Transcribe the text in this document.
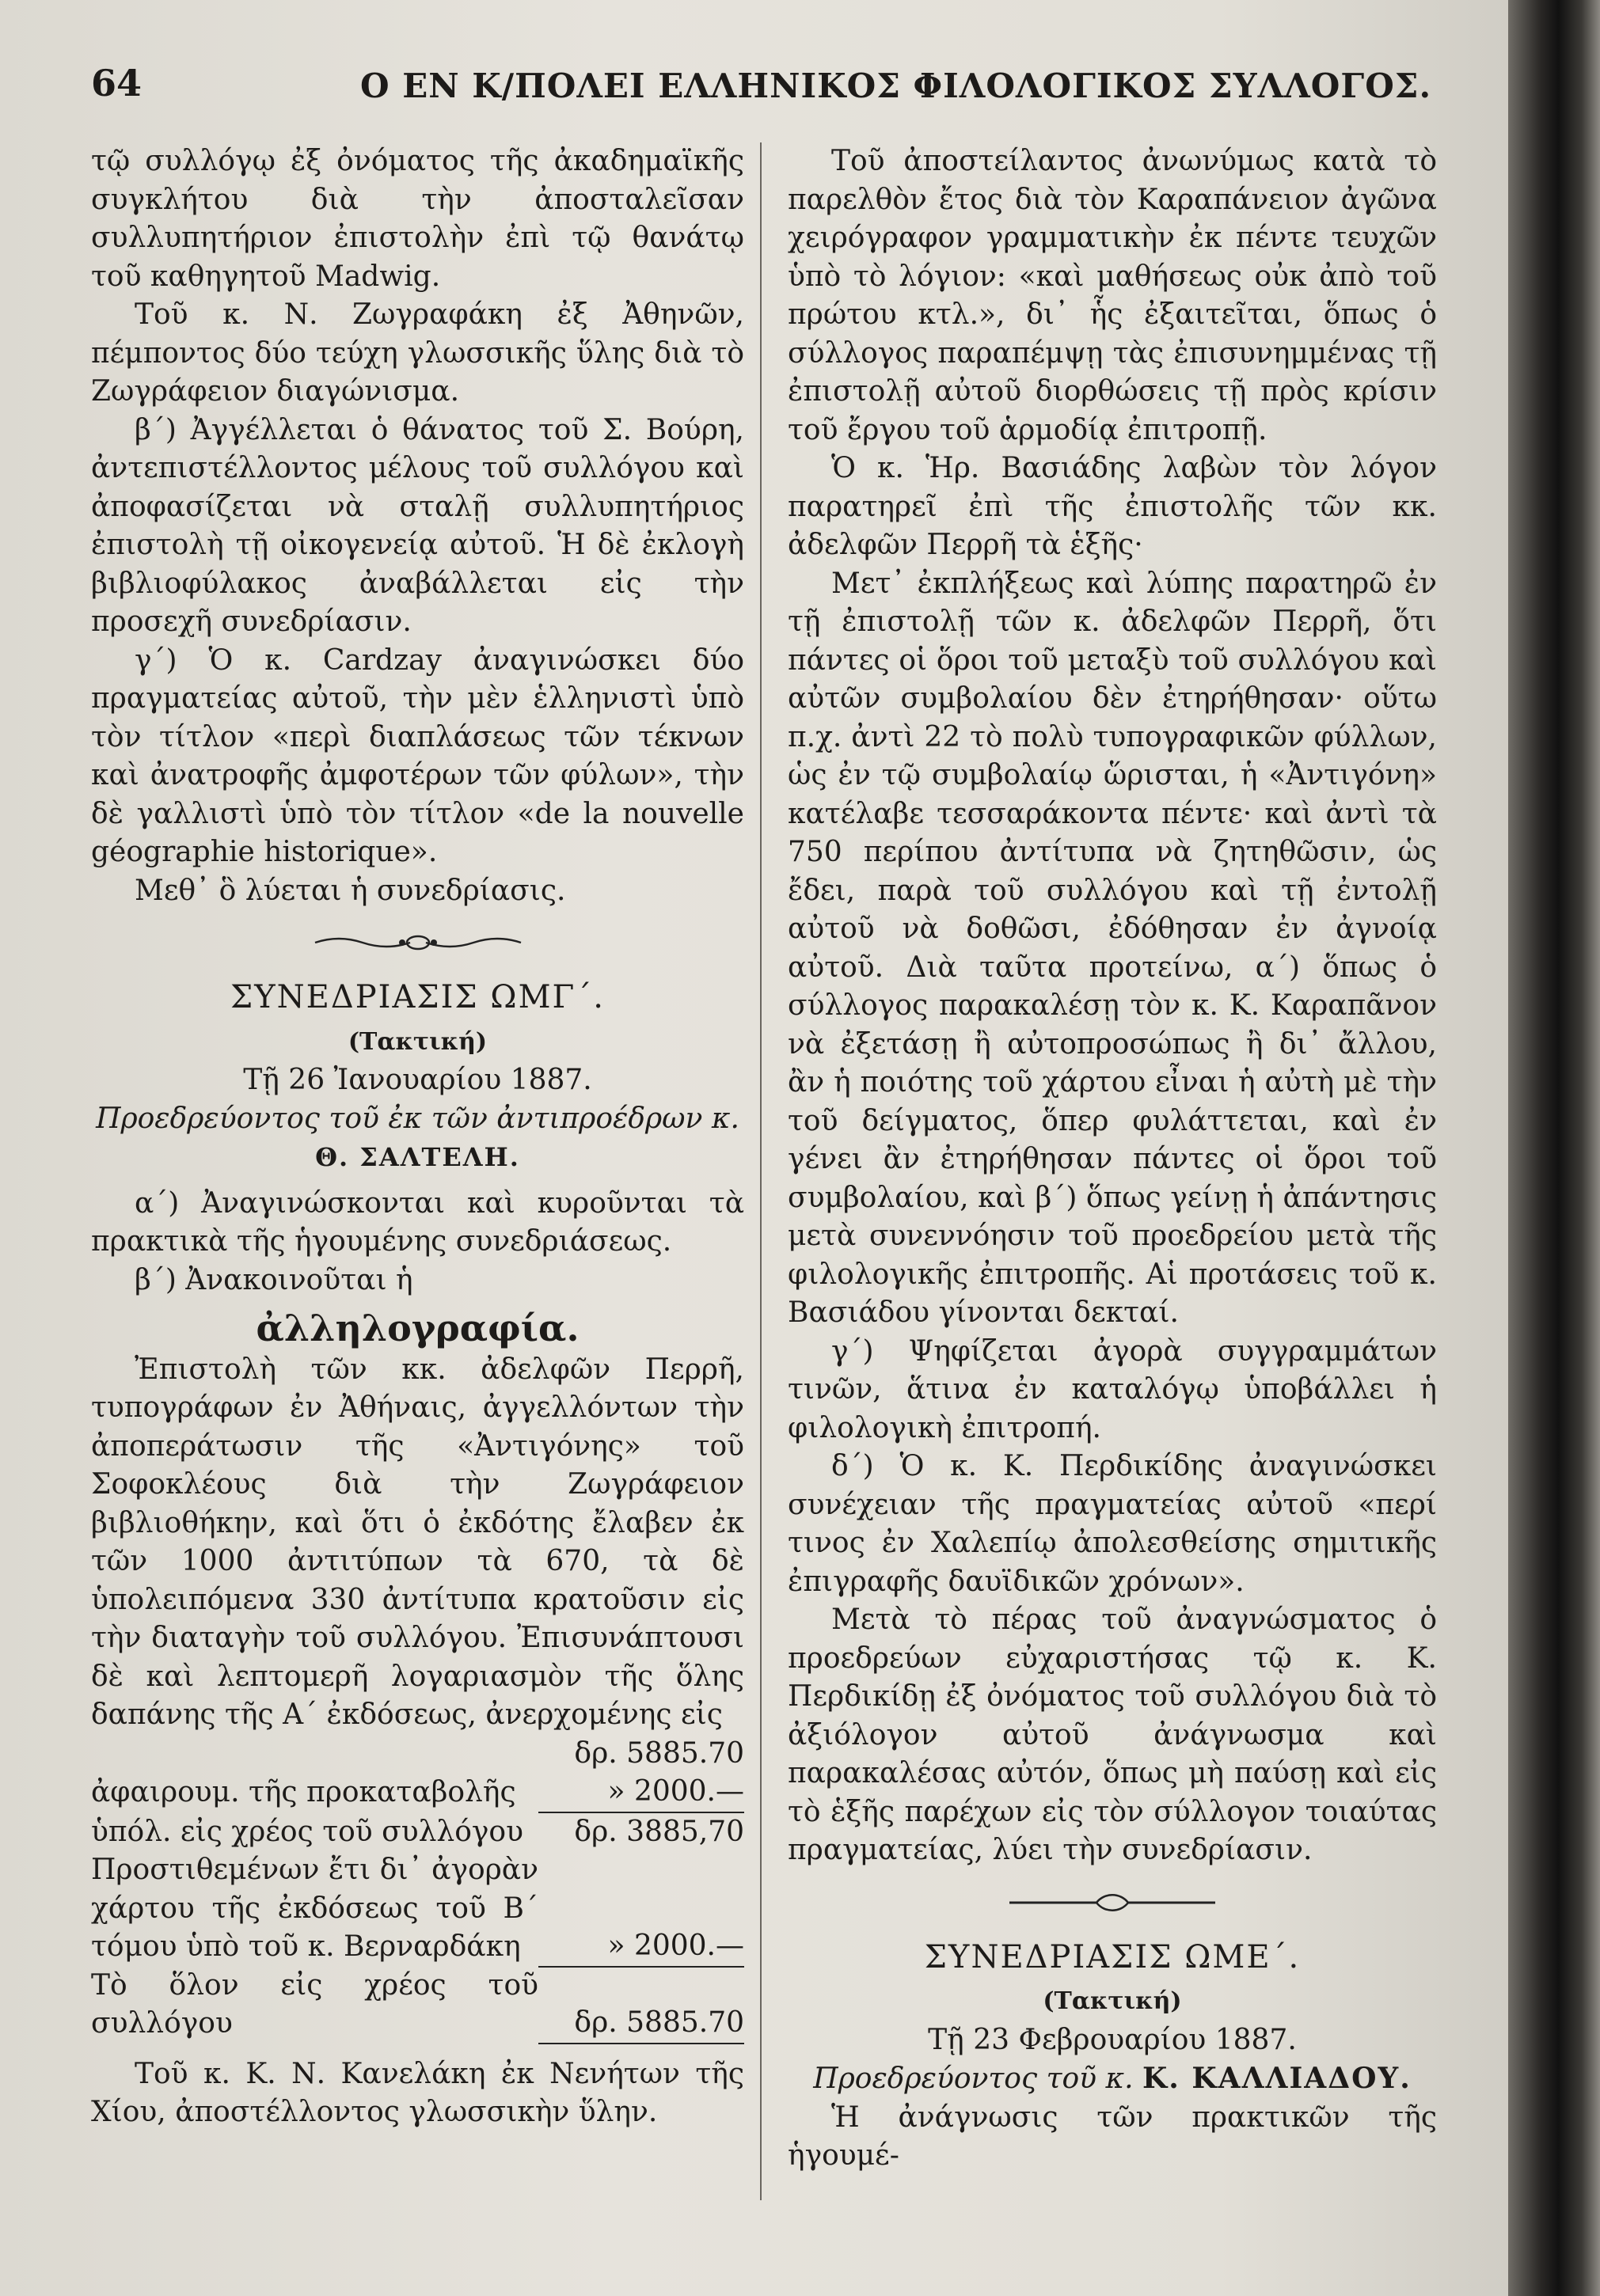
64	Ο ΕΝ Κ/ΠΟΛΕΙ ΕΛΛΗΝΙΚΟΣ ΦΙΛΟΛΟΓΙΚΟΣ ΣΥΛΛΟΓΟΣ.

τῷ συλλόγῳ ἐξ ὀνόματος τῆς ἀκαδημαϊκῆς συγκλήτου διὰ τὴν ἀποσταλεῖσαν συλλυπητήριον ἐπιστολὴν ἐπὶ τῷ θανάτῳ τοῦ καθηγητοῦ Madwig.

Τοῦ κ. Ν. Ζωγραφάκη ἐξ Ἀθηνῶν, πέμποντος δύο τεύχη γλωσσικῆς ὕλης διὰ τὸ Ζωγράφειον διαγώνισμα.

β΄) Ἀγγέλλεται ὁ θάνατος τοῦ Σ. Βούρη, ἀντεπιστέλλοντος μέλους τοῦ συλλόγου καὶ ἀποφασίζεται νὰ σταλῇ συλλυπητήριος ἐπιστολὴ τῇ οἰκογενείᾳ αὐτοῦ. Ἡ δὲ ἐκλογὴ βιβλιοφύλακος ἀναβάλλεται εἰς τὴν προσεχῆ συνεδρίασιν.

γ΄) Ὁ κ. Cardzay ἀναγινώσκει δύο πραγματείας αὐτοῦ, τὴν μὲν ἑλληνιστὶ ὑπὸ τὸν τίτλον «περὶ διαπλάσεως τῶν τέκνων καὶ ἀνατροφῆς ἀμφοτέρων τῶν φύλων», τὴν δὲ γαλλιστὶ ὑπὸ τὸν τίτλον «de la nouvelle géographie historique».

Μεθ᾽ ὃ λύεται ἡ συνεδρίασις.

ΣΥΝΕΔΡΙΑΣΙΣ ΩΜΓ΄.

(Τακτική)

Τῇ 26 Ἰανουαρίου 1887.

Προεδρεύοντος τοῦ ἐκ τῶν ἀντιπροέδρων κ.

Θ. ΣΑΛΤΕΛΗ.

α΄) Ἀναγινώσκονται καὶ κυροῦνται τὰ πρακτικὰ τῆς ἡγουμένης συνεδριάσεως.

β΄) Ἀνακοινοῦται ἡ

ἀλληλογραφία.

Ἐπιστολὴ τῶν κκ. ἀδελφῶν Περρῆ, τυπογράφων ἐν Ἀθήναις, ἀγγελλόντων τὴν ἀποπεράτωσιν τῆς «Ἀντιγόνης» τοῦ Σοφοκλέους διὰ τὴν Ζωγράφειον βιβλιοθήκην, καὶ ὅτι ὁ ἐκδότης ἔλαβεν ἐκ τῶν 1000 ἀντιτύπων τὰ 670, τὰ δὲ ὑπολειπόμενα 330 ἀντίτυπα κρατοῦσιν εἰς τὴν διαταγὴν τοῦ συλλόγου. Ἐπισυνάπτουσι δὲ καὶ λεπτομερῆ λογαριασμὸν τῆς ὅλης δαπάνης τῆς Α΄ ἐκδόσεως, ἀνερχομένης εἰς

	δρ. 5885.70
ἀφαιρουμ. τῆς προκαταβολῆς	» 2000.—
ὑπόλ. εἰς χρέος τοῦ συλλόγου	δρ. 3885,70
Προστιθεμένων ἔτι δι᾽ ἀγορὰν χάρτου τῆς ἐκδόσεως τοῦ Β΄ τόμου ὑπὸ τοῦ κ. Βερναρδάκη	» 2000.—
Τὸ ὅλον εἰς χρέος τοῦ συλλόγου	δρ. 5885.70

Τοῦ κ. Κ. Ν. Κανελάκη ἐκ Νενήτων τῆς Χίου, ἀποστέλλοντος γλωσσικὴν ὕλην.

Τοῦ ἀποστείλαντος ἀνωνύμως κατὰ τὸ παρελθὸν ἔτος διὰ τὸν Καραπάνειον ἀγῶνα χειρόγραφον γραμματικὴν ἐκ πέντε τευχῶν ὑπὸ τὸ λόγιον: «καὶ μαθήσεως οὐκ ἀπὸ τοῦ πρώτου κτλ.», δι᾽ ἧς ἐξαιτεῖται, ὅπως ὁ σύλλογος παραπέμψῃ τὰς ἐπισυνημμένας τῇ ἐπιστολῇ αὐτοῦ διορθώσεις τῇ πρὸς κρίσιν τοῦ ἔργου τοῦ ἁρμοδίᾳ ἐπιτροπῇ.

Ὁ κ. Ἡρ. Βασιάδης λαβὼν τὸν λόγον παρατηρεῖ ἐπὶ τῆς ἐπιστολῆς τῶν κκ. ἀδελφῶν Περρῆ τὰ ἑξῆς·

Μετ᾽ ἐκπλήξεως καὶ λύπης παρατηρῶ ἐν τῇ ἐπιστολῇ τῶν κ. ἀδελφῶν Περρῆ, ὅτι πάντες οἱ ὅροι τοῦ μεταξὺ τοῦ συλλόγου καὶ αὐτῶν συμβολαίου δὲν ἐτηρήθησαν· οὕτω π.χ. ἀντὶ 22 τὸ πολὺ τυπογραφικῶν φύλλων, ὡς ἐν τῷ συμβολαίῳ ὥρισται, ἡ «Ἀντιγόνη» κατέλαβε τεσσαράκοντα πέντε· καὶ ἀντὶ τὰ 750 περίπου ἀντίτυπα νὰ ζητηθῶσιν, ὡς ἔδει, παρὰ τοῦ συλλόγου καὶ τῇ ἐντολῇ αὐτοῦ νὰ δοθῶσι, ἐδόθησαν ἐν ἀγνοίᾳ αὐτοῦ. Διὰ ταῦτα προτείνω, α΄) ὅπως ὁ σύλλογος παρακαλέσῃ τὸν κ. Κ. Καραπᾶνον νὰ ἐξετάσῃ ἢ αὐτοπροσώπως ἢ δι᾽ ἄλλου, ἂν ἡ ποιότης τοῦ χάρτου εἶναι ἡ αὐτὴ μὲ τὴν τοῦ δείγματος, ὅπερ φυλάττεται, καὶ ἐν γένει ἂν ἐτηρήθησαν πάντες οἱ ὅροι τοῦ συμβολαίου, καὶ β΄) ὅπως γείνῃ ἡ ἀπάντησις μετὰ συνεννόησιν τοῦ προεδρείου μετὰ τῆς φιλολογικῆς ἐπιτροπῆς. Αἱ προτάσεις τοῦ κ. Βασιάδου γίνονται δεκταί.

γ΄) Ψηφίζεται ἀγορὰ συγγραμμάτων τινῶν, ἅτινα ἐν καταλόγῳ ὑποβάλλει ἡ φιλολογικὴ ἐπιτροπή.

δ΄) Ὁ κ. Κ. Περδικίδης ἀναγινώσκει συνέχειαν τῆς πραγματείας αὐτοῦ «περί τινος ἐν Χαλεπίῳ ἀπολεσθείσης σημιτικῆς ἐπιγραφῆς δαυϊδικῶν χρόνων».

Μετὰ τὸ πέρας τοῦ ἀναγνώσματος ὁ προεδρεύων εὐχαριστήσας τῷ κ. Κ. Περδικίδῃ ἐξ ὀνόματος τοῦ συλλόγου διὰ τὸ ἀξιόλογον αὐτοῦ ἀνάγνωσμα καὶ παρακαλέσας αὐτόν, ὅπως μὴ παύσῃ καὶ εἰς τὸ ἑξῆς παρέχων εἰς τὸν σύλλογον τοιαύτας πραγματείας, λύει τὴν συνεδρίασιν.

ΣΥΝΕΔΡΙΑΣΙΣ ΩΜΕ΄.

(Τακτική)

Τῇ 23 Φεβρουαρίου 1887.

Προεδρεύοντος τοῦ κ. Κ. ΚΑΛΛΙΑΔΟΥ.

Ἡ ἀνάγνωσις τῶν πρακτικῶν τῆς ἡγουμέ-
